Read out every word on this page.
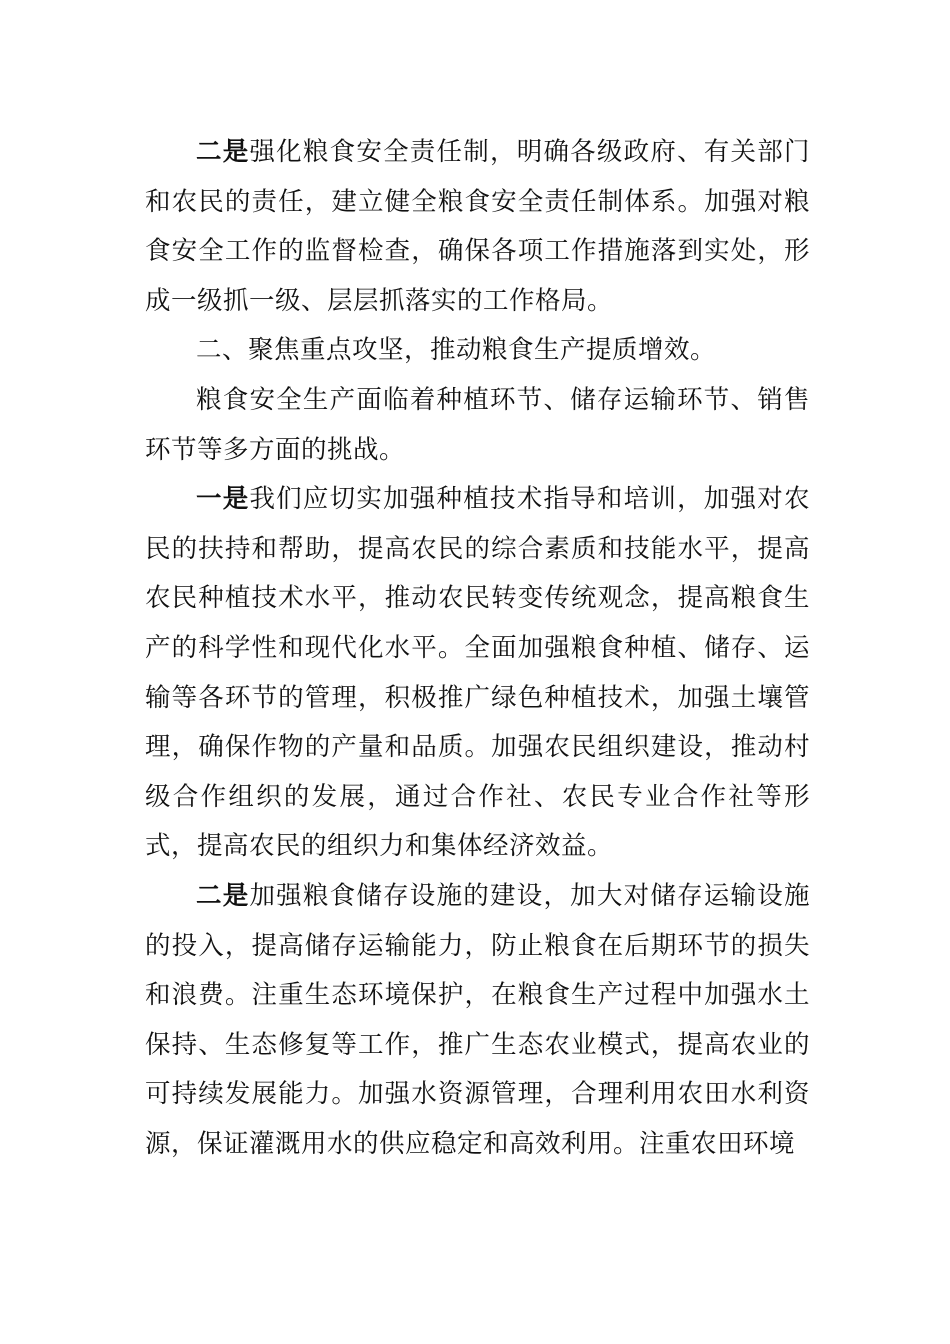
二是强化粮食安全责任制，明确各级政府、有关部门和农民的责任，建立健全粮食安全责任制体系。加强对粮食安全工作的监督检查，确保各项工作措施落到实处，形成一级抓一级、层层抓落实的工作格局。

二、聚焦重点攻坚，推动粮食生产提质增效。

粮食安全生产面临着种植环节、储存运输环节、销售环节等多方面的挑战。

一是我们应切实加强种植技术指导和培训，加强对农民的扶持和帮助，提高农民的综合素质和技能水平，提高农民种植技术水平，推动农民转变传统观念，提高粮食生产的科学性和现代化水平。全面加强粮食种植、储存、运输等各环节的管理，积极推广绿色种植技术，加强土壤管理，确保作物的产量和品质。加强农民组织建设，推动村级合作组织的发展，通过合作社、农民专业合作社等形式，提高农民的组织力和集体经济效益。

二是加强粮食储存设施的建设，加大对储存运输设施的投入，提高储存运输能力，防止粮食在后期环节的损失和浪费。注重生态环境保护，在粮食生产过程中加强水土保持、生态修复等工作，推广生态农业模式，提高农业的可持续发展能力。加强水资源管理，合理利用农田水利资源，保证灌溉用水的供应稳定和高效利用。注重农田环境
